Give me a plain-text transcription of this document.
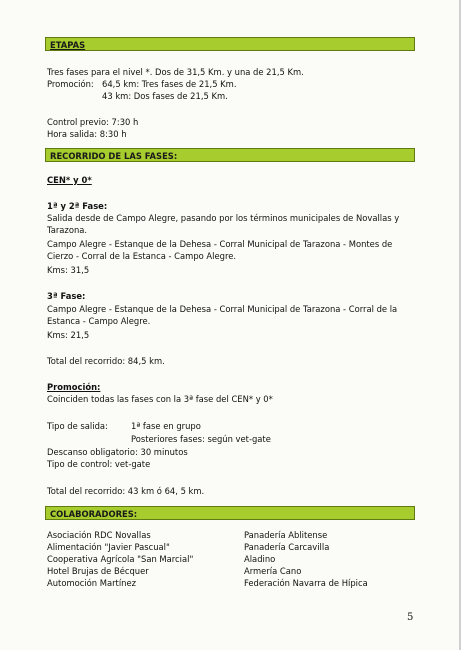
ETAPAS
Tres fases para el nivel *. Dos de 31,5 Km. y una de 21,5 Km.
Promoción: 64,5 km: Tres fases de 21,5 Km.
43 km: Dos fases de 21,5 Km.
Control previo: 7:30 h
Hora salida: 8:30 h
RECORRIDO DE LAS FASES:
CEN* y 0*
1ª y 2ª Fase:
Salida desde de Campo Alegre, pasando por los términos municipales de Novallas y Tarazona.
Campo Alegre - Estanque de la Dehesa - Corral Municipal de Tarazona - Montes de Cierzo - Corral de la Estanca - Campo Alegre.
Kms: 31,5
3ª Fase:
Campo Alegre - Estanque de la Dehesa - Corral Municipal de Tarazona - Corral de la Estanca - Campo Alegre.
Kms: 21,5
Total del recorrido: 84,5 km.
Promoción:
Coinciden todas las fases con la 3ª fase del CEN* y 0*
Tipo de salida:	1ª fase en grupo
Posteriores fases: según vet-gate
Descanso obligatorio: 30 minutos
Tipo de control: vet-gate
Total del recorrido: 43 km ó 64, 5 km.
COLABORADORES:
Asociación RDC Novallas
Alimentación "Javier Pascual"
Cooperativa Agrícola "San Marcial"
Hotel Brujas de Bécquer
Automoción Martínez
Panadería Ablitense
Panadería Carcavilla
Aladino
Armería Cano
Federación Navarra de Hípica
5
